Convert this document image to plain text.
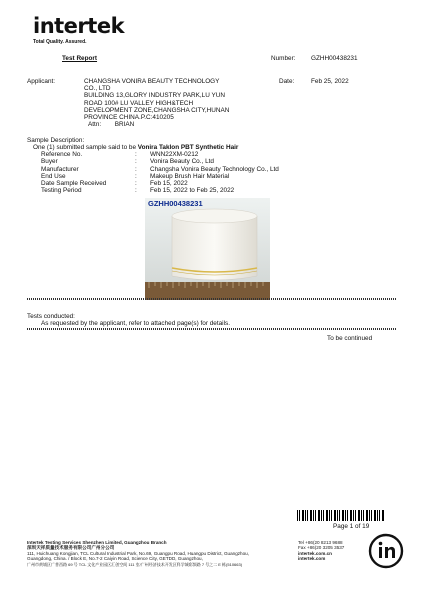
intertek
Total Quality. Assured.
Test Report	Number: GZHH00438231
Applicant:	CHANGSHA VONIRA BEAUTY TECHNOLOGY
CO., LTD
BUILDING 13,GLORY INDUSTRY PARK,LU YUN
ROAD 100# LU VALLEY HIGH&TECH
DEVELOPMENT ZONE,CHANGSHA CITY,HUNAN
PROVINCE CHINA.P.C:410205
Attn: BRIAN
Date:	Feb 25, 2022
Sample Description:
One (1) submitted sample said to be Vonira Taklon PBT Synthetic Hair
Reference No.	: WNN22XM-0212
Buyer	: Vonira Beauty Co., Ltd
Manufacturer	: Changsha Vonira Beauty Technology Co., Ltd
End Use	: Makeup Brush Hair Material
Date Sample Received	: Feb 15, 2022
Testing Period	: Feb 15, 2022 to Feb 25, 2022
GZHH00438231
Tests conducted:
As requested by the applicant, refer to attached page(s) for details.
To be continued
Page 1 of 19
Intertek Testing Services Shenzhen Limited, Guangzhou Branch
深圳天祥质量技术服务有限公司广州分公司
111, Huichuang Kongjian, TCL Cultural Industrial Park, No.69, Guangpu Road, Huangpu District, Guangzhou,
Guangdong, China. / Block E, No.7-2 Caiyin Road, Science City, GETDD, Guangzhou,
广州市黄埔区广普西路 69 号 TCL 文化产业园区汇创空间 111 室/广州经济技术开发区科学城彩频路 7 号之二 E 栋(510663)
Tel +86(20 8213 9688
Fax +86(20 3205 3537
intertek.com.cn
intertek.com
